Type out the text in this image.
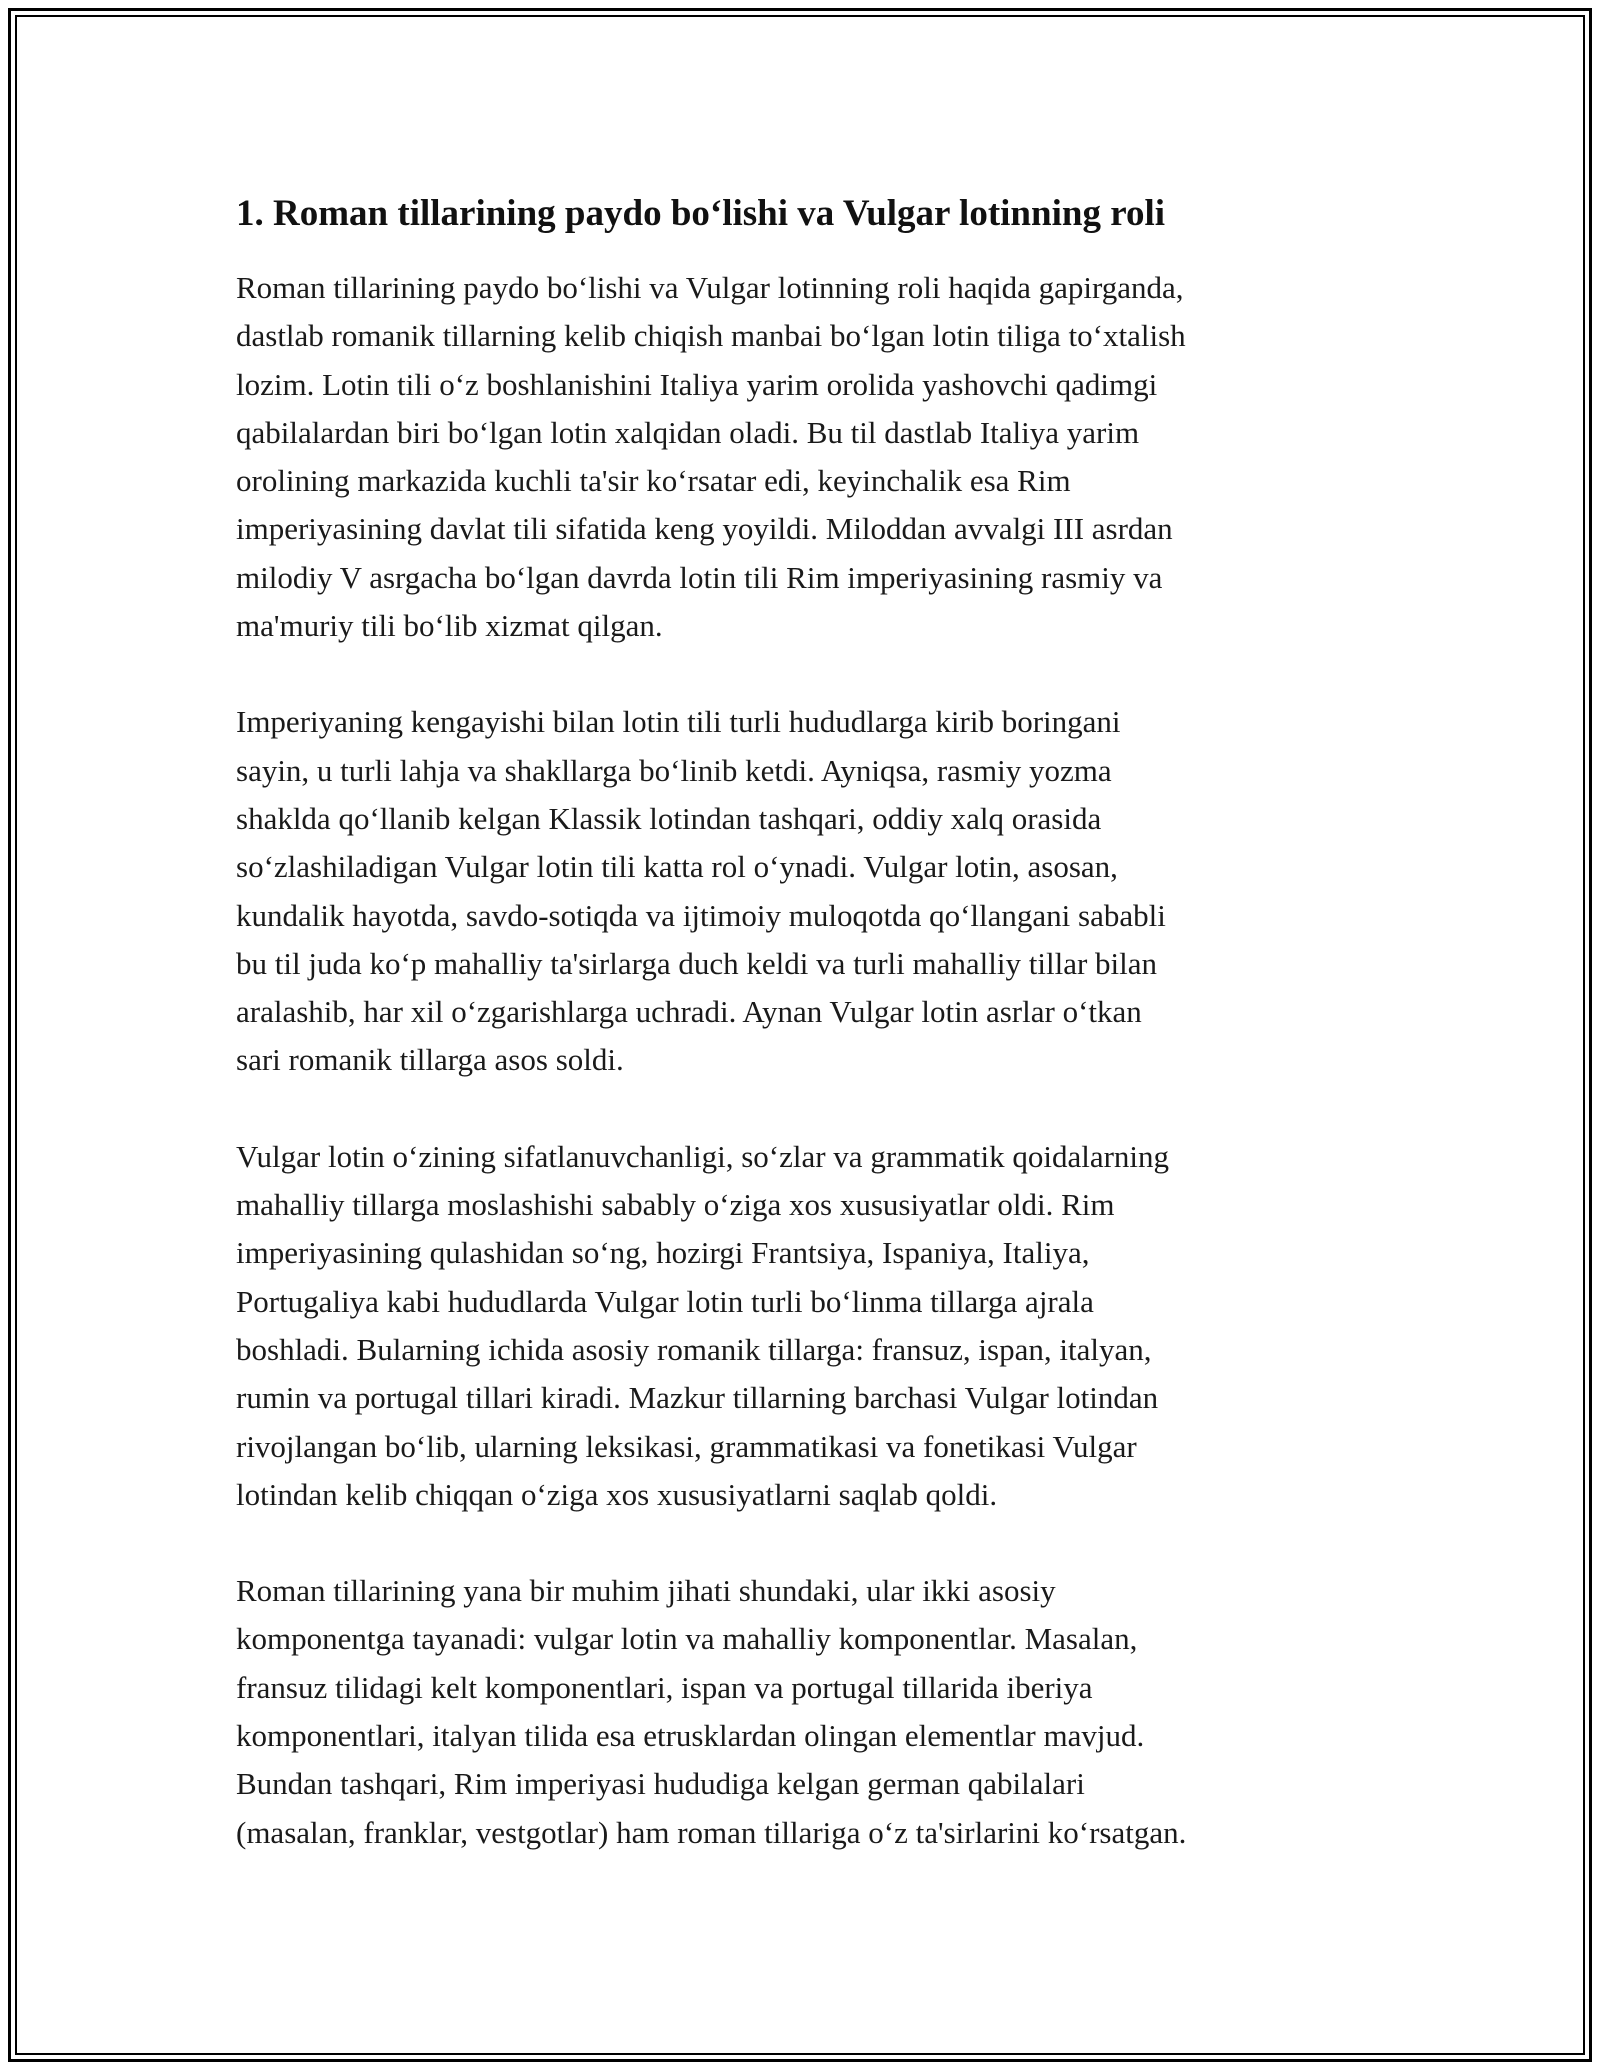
1. Roman tillarining paydo bo‘lishi va Vulgar lotinning roli

Roman tillarining paydo bo‘lishi va Vulgar lotinning roli haqida gapirganda,
dastlab romanik tillarning kelib chiqish manbai bo‘lgan lotin tiliga to‘xtalish
lozim. Lotin tili o‘z boshlanishini Italiya yarim orolida yashovchi qadimgi
qabilalardan biri bo‘lgan lotin xalqidan oladi. Bu til dastlab Italiya yarim
orolining markazida kuchli ta'sir ko‘rsatar edi, keyinchalik esa Rim
imperiyasining davlat tili sifatida keng yoyildi. Miloddan avvalgi III asrdan
milodiy V asrgacha bo‘lgan davrda lotin tili Rim imperiyasining rasmiy va
ma'muriy tili bo‘lib xizmat qilgan.

Imperiyaning kengayishi bilan lotin tili turli hududlarga kirib boringani
sayin, u turli lahja va shakllarga bo‘linib ketdi. Ayniqsa, rasmiy yozma
shaklda qo‘llanib kelgan Klassik lotindan tashqari, oddiy xalq orasida
so‘zlashiladigan Vulgar lotin tili katta rol o‘ynadi. Vulgar lotin, asosan,
kundalik hayotda, savdo-sotiqda va ijtimoiy muloqotda qo‘llangani sababli
bu til juda ko‘p mahalliy ta'sirlarga duch keldi va turli mahalliy tillar bilan
aralashib, har xil o‘zgarishlarga uchradi. Aynan Vulgar lotin asrlar o‘tkan
sari romanik tillarga asos soldi.

Vulgar lotin o‘zining sifatlanuvchanligi, so‘zlar va grammatik qoidalarning
mahalliy tillarga moslashishi sabably o‘ziga xos xususiyatlar oldi. Rim
imperiyasining qulashidan so‘ng, hozirgi Frantsiya, Ispaniya, Italiya,
Portugaliya kabi hududlarda Vulgar lotin turli bo‘linma tillarga ajrala
boshladi. Bularning ichida asosiy romanik tillarga: fransuz, ispan, italyan,
rumin va portugal tillari kiradi. Mazkur tillarning barchasi Vulgar lotindan
rivojlangan bo‘lib, ularning leksikasi, grammatikasi va fonetikasi Vulgar
lotindan kelib chiqqan o‘ziga xos xususiyatlarni saqlab qoldi.

Roman tillarining yana bir muhim jihati shundaki, ular ikki asosiy
komponentga tayanadi: vulgar lotin va mahalliy komponentlar. Masalan,
fransuz tilidagi kelt komponentlari, ispan va portugal tillarida iberiya
komponentlari, italyan tilida esa etrusklardan olingan elementlar mavjud.
Bundan tashqari, Rim imperiyasi hududiga kelgan german qabilalari
(masalan, franklar, vestgotlar) ham roman tillariga o‘z ta'sirlarini ko‘rsatgan.
